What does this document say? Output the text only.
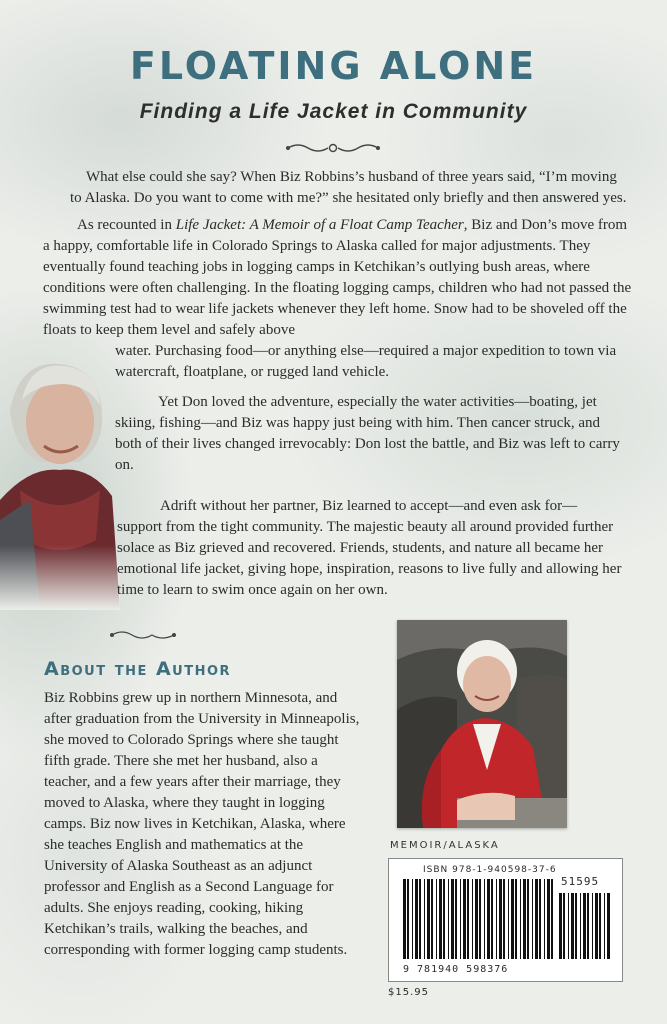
FLOATING ALONE
Finding a Life Jacket in Community
What else could she say? When Biz Robbins’s husband of three years said, “I’m moving to Alaska. Do you want to come with me?” she hesitated only briefly and then answered yes.
As recounted in Life Jacket: A Memoir of a Float Camp Teacher, Biz and Don’s move from a happy, comfortable life in Colorado Springs to Alaska called for major adjustments. They eventually found teaching jobs in logging camps in Ketchikan’s outlying bush areas, where conditions were often challenging. In the floating logging camps, children who had not passed the swimming test had to wear life jackets whenever they left home. Snow had to be shoveled off the floats to keep them level and safely above
water. Purchasing food—or anything else—required a major expedition to town via watercraft, floatplane, or rugged land vehicle.
Yet Don loved the adventure, especially the water activities—boating, jet skiing, fishing—and Biz was happy just being with him. Then cancer struck, and both of their lives changed irrevocably: Don lost the battle, and Biz was left to carry on.
Adrift without her partner, Biz learned to accept—and even ask for—support from the tight community. The majestic beauty all around provided further solace as Biz grieved and recovered. Friends, students, and nature all became her emotional life jacket, giving hope, inspiration, reasons to live fully and allowing her time to learn to swim once again on her own.
About the Author
Biz Robbins grew up in northern Minnesota, and after graduation from the University in Minneapolis, she moved to Colorado Springs where she taught fifth grade. There she met her husband, also a teacher, and a few years after their marriage, they moved to Alaska, where they taught in logging camps. Biz now lives in Ketchikan, Alaska, where she teaches English and mathematics at the University of Alaska Southeast as an adjunct professor and English as a Second Language for adults. She enjoys reading, cooking, hiking Ketchikan’s trails, walking the beaches, and corresponding with former logging camp students.
MEMOIR/ALASKA
ISBN 978-1-940598-37-6
51595
9 781940 598376
$15.95
